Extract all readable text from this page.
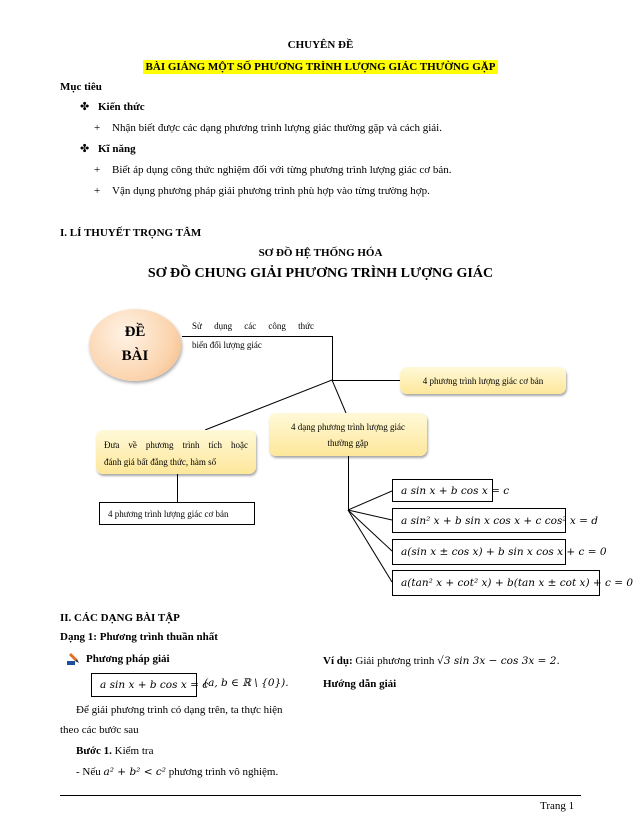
CHUYÊN ĐỀ
BÀI GIẢNG MỘT SỐ PHƯƠNG TRÌNH LƯỢNG GIÁC THƯỜNG GẶP
Mục tiêu
✤ Kiến thức
+ Nhận biết được các dạng phương trình lượng giác thường gặp và cách giải.
✤ Kĩ năng
+ Biết áp dụng công thức nghiệm đối với từng phương trình lượng giác cơ bản.
+ Vận dụng phương pháp giải phương trình phù hợp vào từng trường hợp.
I. LÍ THUYẾT TRỌNG TÂM
SƠ ĐỒ HỆ THỐNG HÓA
SƠ ĐỒ CHUNG GIẢI PHƯƠNG TRÌNH LƯỢNG GIÁC
ĐỀ
BÀI
Sử dụng các công thức
biến đổi lượng giác
4 phương trình lượng giác cơ bản
4 dạng phương trình lượng giác
thường gặp
Đưa về phương trình tích hoặc
đánh giá bất đẳng thức, hàm số
4 phương trình lượng giác cơ bản
a sin x + b cos x = c
a sin² x + b sin x cos x + c cos² x = d
a(sin x ± cos x) + b sin x cos x + c = 0
a(tan² x + cot² x) + b(tan x ± cot x) + c = 0
II. CÁC DẠNG BÀI TẬP
Dạng 1: Phương trình thuần nhất
Phương pháp giải
a sin x + b cos x = c
(a, b ∈ ℝ \ {0}).
Để giải phương trình có dạng trên, ta thực hiện
theo các bước sau
Bước 1. Kiểm tra
- Nếu a² + b² < c² phương trình vô nghiệm.
Ví dụ: Giải phương trình √3 sin 3x − cos 3x = 2.
Hướng dẫn giải
Trang 1
